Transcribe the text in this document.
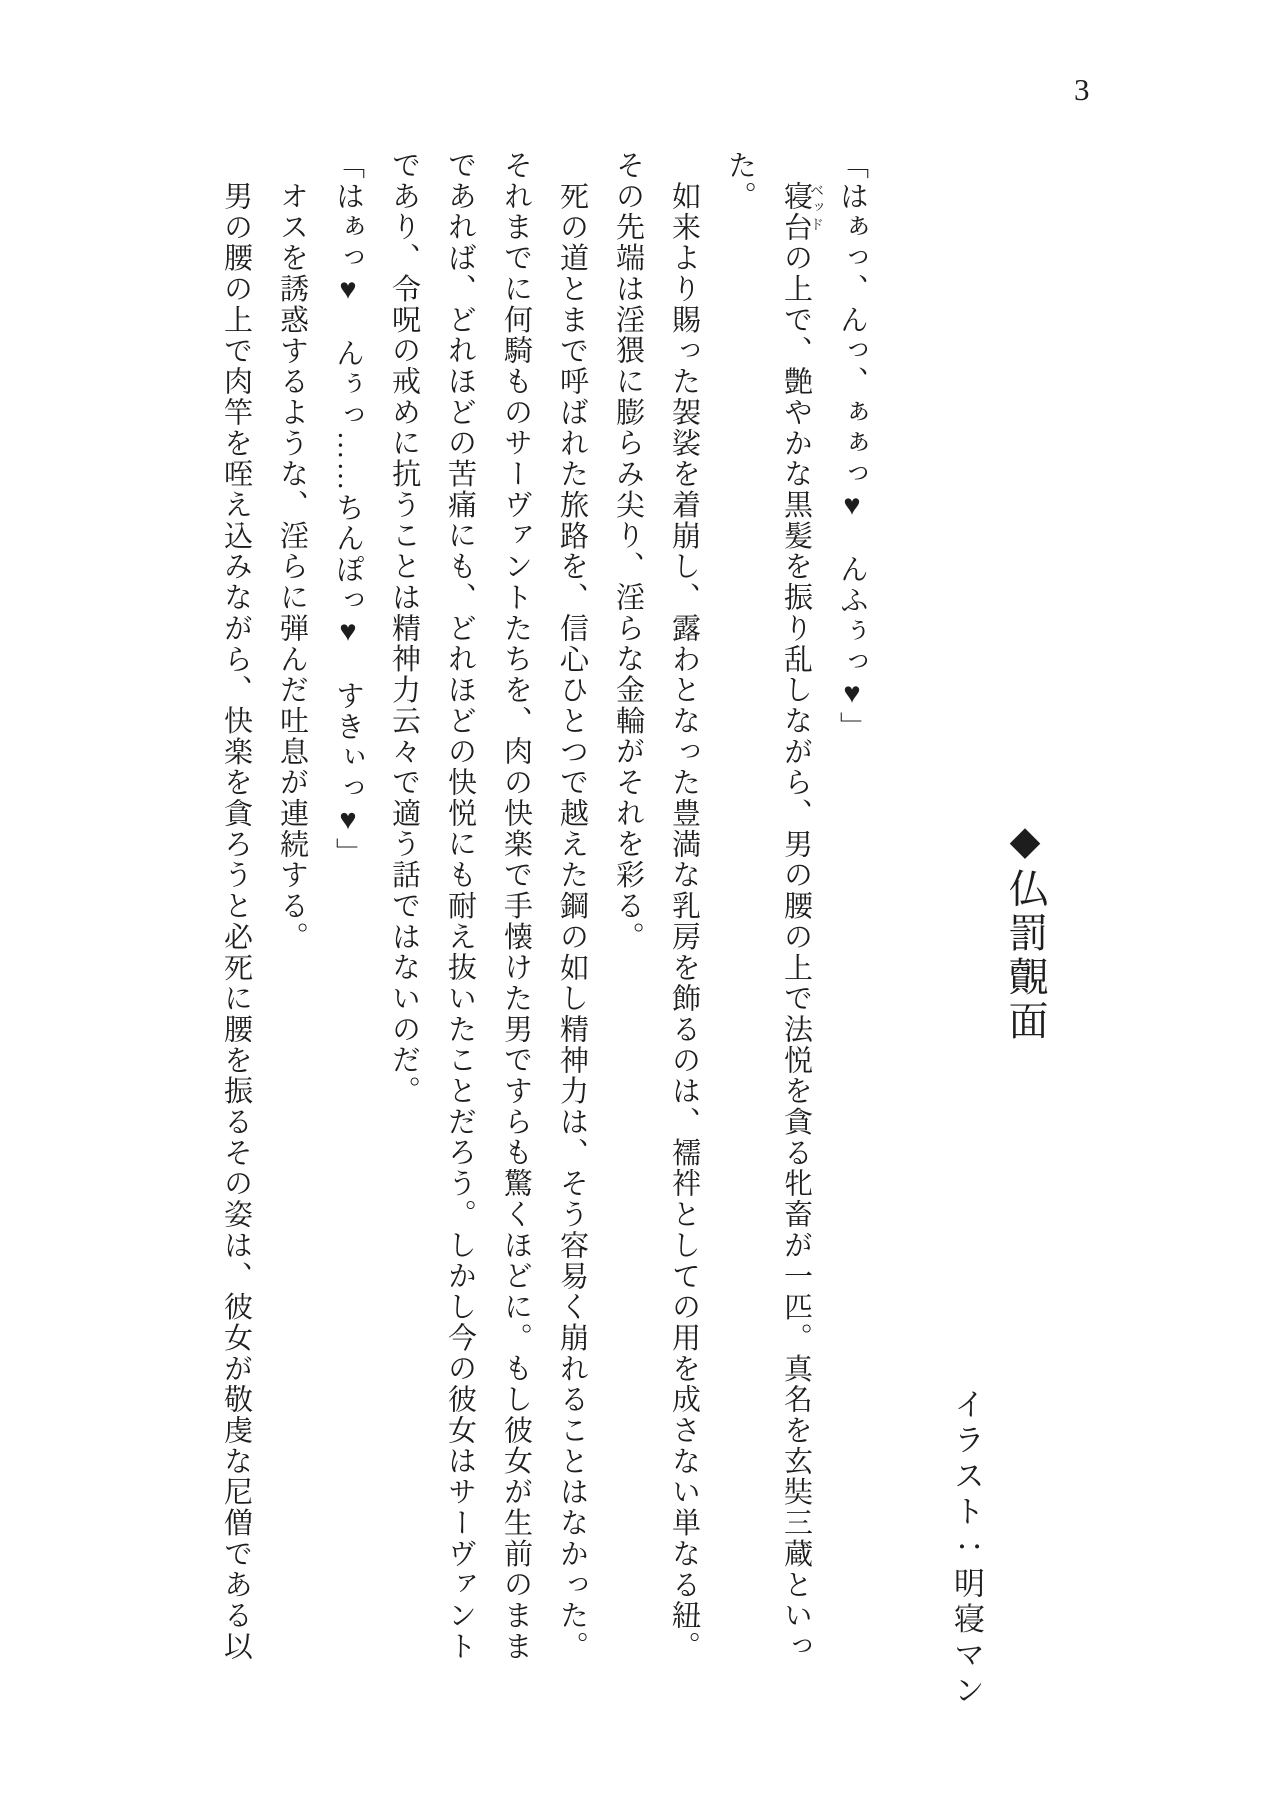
3
◆仏罰覿面
イラスト：明寝マン
ベッド 「はぁっ、んっ、ぁぁっ♥　んふぅっ♥」

寝台の上で、艶やかな黒髪を振り乱しながら、男の腰の上で法悦を貪る牝畜が一匹。真名を玄奘三蔵といっ

た。

如来より賜った袈裟を着崩し、露わとなった豊満な乳房を飾るのは、襦袢としての用を成さない単なる紐。

その先端は淫猥に膨らみ尖り、淫らな金輪がそれを彩る。

死の道とまで呼ばれた旅路を、信心ひとつで越えた鋼の如し精神力は、そう容易く崩れることはなかった。

それまでに何騎ものサーヴァントたちを、肉の快楽で手懐けた男ですらも驚くほどに。もし彼女が生前のまま

であれば、どれほどの苦痛にも、どれほどの快悦にも耐え抜いたことだろう。しかし今の彼女はサーヴァント

であり、令呪の戒めに抗うことは精神力云々で適う話ではないのだ。

「はぁっ♥　んぅっ……ちんぽっ♥　すきぃっ♥」

オスを誘惑するような、淫らに弾んだ吐息が連続する。

男の腰の上で肉竿を咥え込みながら、快楽を貪ろうと必死に腰を振るその姿は、彼女が敬虔な尼僧である以
